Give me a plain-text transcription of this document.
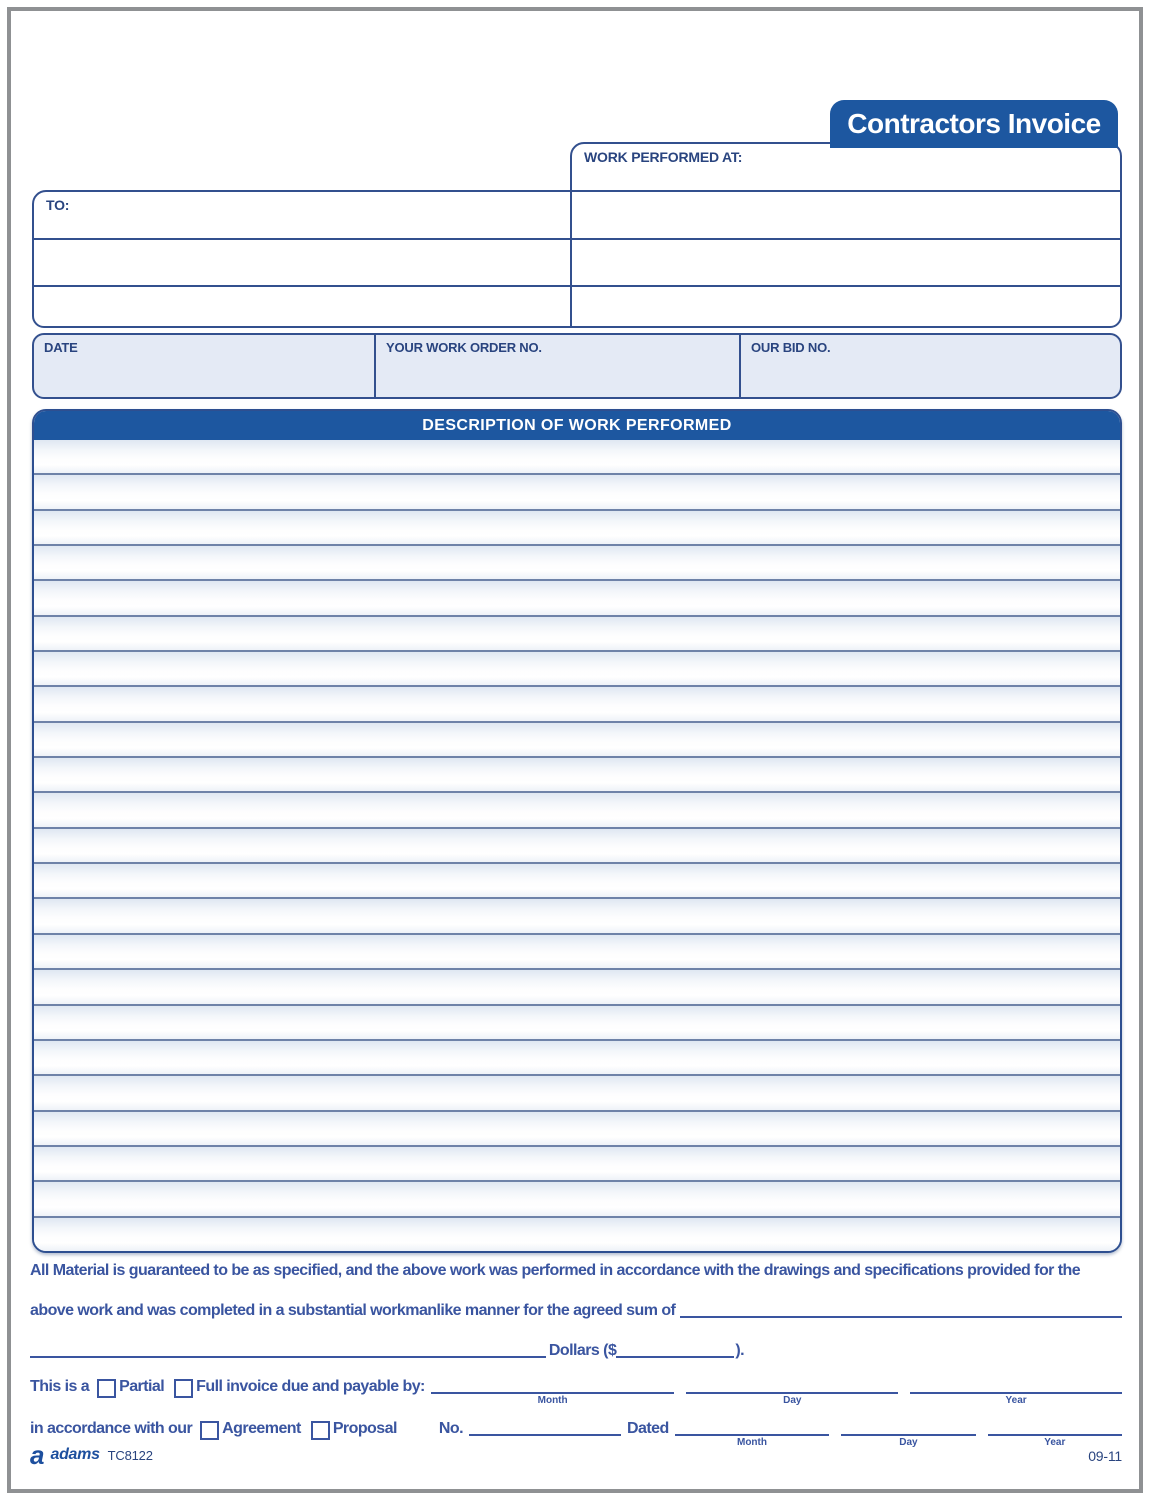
Contractors Invoice
WORK PERFORMED AT:
TO:
DATE	YOUR WORK ORDER NO.	OUR BID NO.
DESCRIPTION OF WORK PERFORMED
All Material is guaranteed to be as specified, and the above work was performed in accordance with the drawings and specifications provided for the
above work and was completed in a substantial workmanlike manner for the agreed sum of
Dollars ($	).
This is a Partial Full invoice due and payable by:
Month	Day	Year
in accordance with our Agreement Proposal	No.	Dated
Month	Day	Year
a adams TC8122	09-11
